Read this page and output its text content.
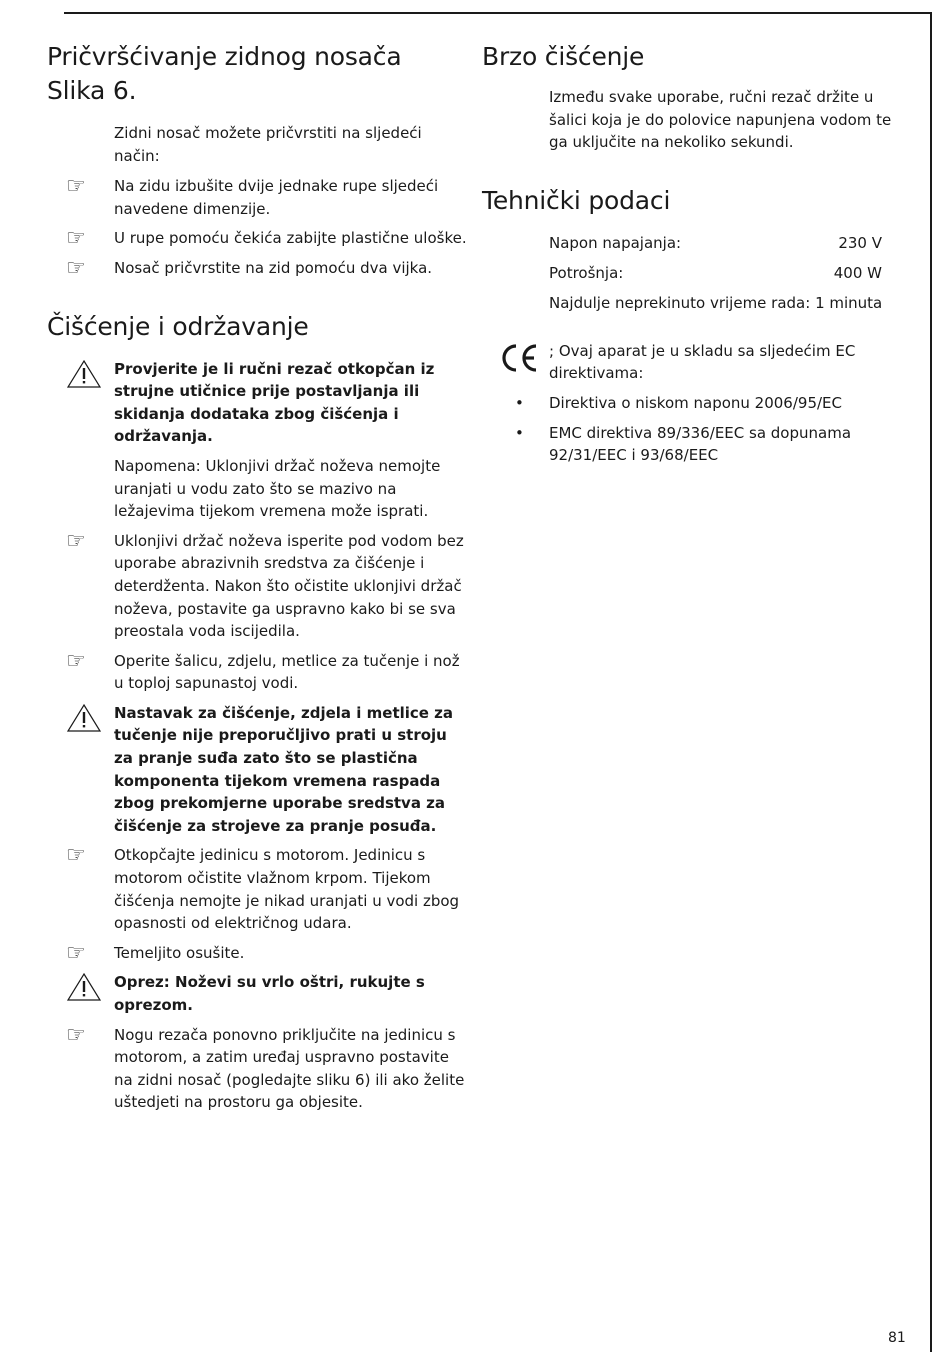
Pričvršćivanje zidnog nosača
Slika 6.
Zidni nosač možete pričvrstiti na sljedeći način:
☞	Na zidu izbušite dvije jednake rupe sljedeći navedene dimenzije.
☞	U rupe pomoću čekića zabijte plastične uloške.
☞	Nosač pričvrstite na zid pomoću dva vijka.
Čišćenje i održavanje
Provjerite je li ručni rezač otkopčan iz strujne utičnice prije postavljanja ili skidanja dodataka zbog čišćenja i održavanja.
Napomena: Uklonjivi držač noževa nemojte uranjati u vodu zato što se mazivo na ležajevima tijekom vremena može isprati.
☞	Uklonjivi držač noževa isperite pod vodom bez uporabe abrazivnih sredstva za čišćenje i deterdženta. Nakon što očistite uklonjivi držač noževa, postavite ga uspravno kako bi se sva preostala voda iscijedila.
☞	Operite šalicu, zdjelu, metlice za tučenje i nož u toploj sapunastoj vodi.
Nastavak za čišćenje, zdjela i metlice za tučenje nije preporučljivo prati u stroju za pranje suđa zato što se plastična komponenta tijekom vremena raspada zbog prekomjerne uporabe sredstva za čišćenje za strojeve za pranje posuđa.
☞	Otkopčajte jedinicu s motorom. Jedinicu s motorom očistite vlažnom krpom. Tijekom čišćenja nemojte je nikad uranjati u vodi zbog opasnosti od električnog udara.
☞	Temeljito osušite.
Oprez: Noževi su vrlo oštri, rukujte s oprezom.
☞	Nogu rezača ponovno priključite na jedinicu s motorom, a zatim uređaj uspravno postavite na zidni nosač (pogledajte sliku 6) ili ako želite uštedjeti na prostoru ga objesite.
Brzo čišćenje
Između svake uporabe, ručni rezač držite u šalici koja je do polovice napunjena vodom te ga uključite na nekoliko sekundi.
Tehnički podaci
Napon napajanja:	230 V
Potrošnja:	400 W
Najdulje neprekinuto vrijeme rada: 1 minuta
; Ovaj aparat je u skladu sa sljedećim EC direktivama:
• Direktiva o niskom naponu 2006/95/EC
• EMC direktiva 89/336/EEC sa dopunama 92/31/EEC i 93/68/EEC
81
